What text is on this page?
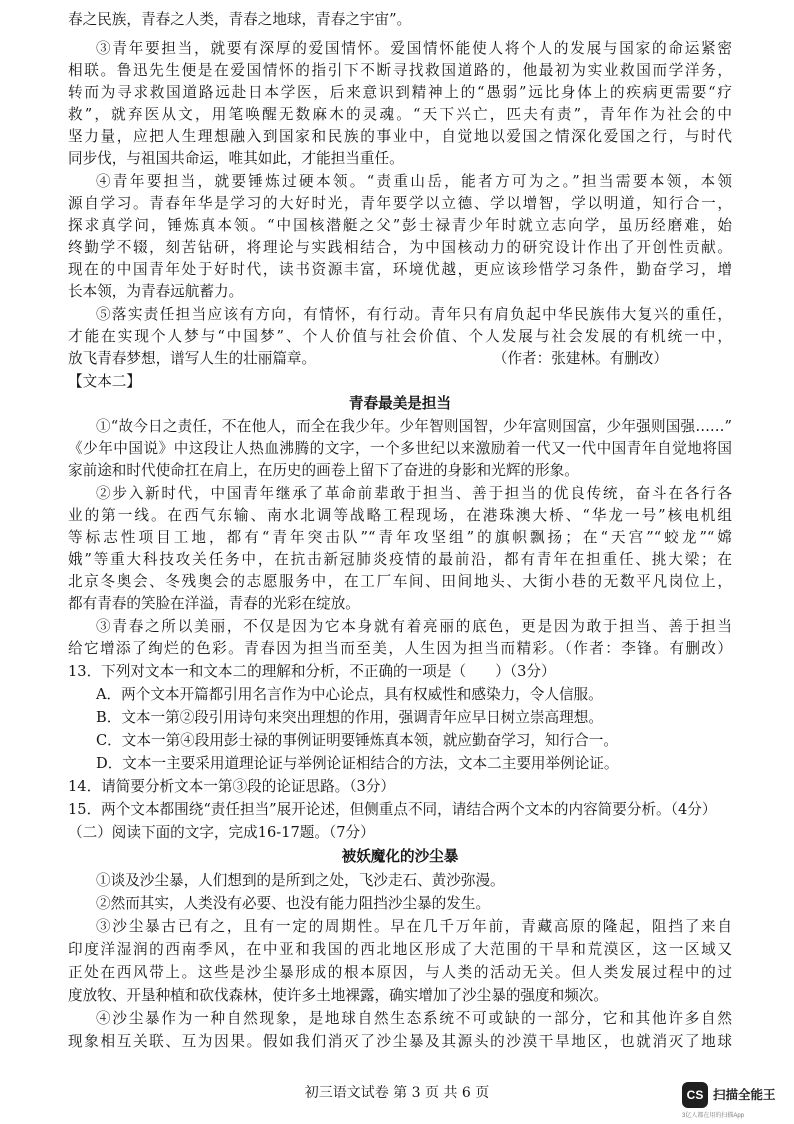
春之民族，青春之人类，青春之地球，青春之宇宙”。
③青年要担当，就要有深厚的爱国情怀。爱国情怀能使人将个人的发展与国家的命运紧密
相联。鲁迅先生便是在爱国情怀的指引下不断寻找救国道路的，他最初为实业救国而学洋务，
转而为寻求救国道路远赴日本学医，后来意识到精神上的“愚弱”远比身体上的疾病更需要“疗
救”，就弃医从文，用笔唤醒无数麻木的灵魂。“天下兴亡，匹夫有责”，青年作为社会的中
坚力量，应把人生理想融入到国家和民族的事业中，自觉地以爱国之情深化爱国之行，与时代
同步伐，与祖国共命运，唯其如此，才能担当重任。
④青年要担当，就要锤炼过硬本领。“责重山岳，能者方可为之。”担当需要本领，本领
源自学习。青春年华是学习的大好时光，青年要学以立德、学以增智，学以明道，知行合一，
探求真学问，锤炼真本领。“中国核潜艇之父”彭士禄青少年时就立志向学，虽历经磨难，始
终勤学不辍，刻苦钻研，将理论与实践相结合，为中国核动力的研究设计作出了开创性贡献。
现在的中国青年处于好时代，读书资源丰富，环境优越，更应该珍惜学习条件，勤奋学习，增
长本领，为青春远航蓄力。
⑤落实责任担当应该有方向，有情怀，有行动。青年只有肩负起中华民族伟大复兴的重任，
才能在实现个人梦与“中国梦”、个人价值与社会价值、个人发展与社会发展的有机统一中，
放飞青春梦想，谱写人生的壮丽篇章。	（作者：张建林。有删改）
【文本二】
青春最美是担当
①“故今日之责任，不在他人，而全在我少年。少年智则国智，少年富则国富，少年强则国强……”
《少年中国说》中这段让人热血沸腾的文字，一个多世纪以来激励着一代又一代中国青年自觉地将国
家前途和时代使命扛在肩上，在历史的画卷上留下了奋进的身影和光辉的形象。
②步入新时代，中国青年继承了革命前辈敢于担当、善于担当的优良传统，奋斗在各行各
业的第一线。在西气东输、南水北调等战略工程现场，在港珠澳大桥、“华龙一号”核电机组
等标志性项目工地，都有“青年突击队”“青年攻坚组”的旗帜飘扬；在“天宫”“蛟龙”“嫦
娥”等重大科技攻关任务中，在抗击新冠肺炎疫情的最前沿，都有青年在担重任、挑大梁；在
北京冬奥会、冬残奥会的志愿服务中，在工厂车间、田间地头、大街小巷的无数平凡岗位上，
都有青春的笑脸在洋溢，青春的光彩在绽放。
③青春之所以美丽，不仅是因为它本身就有着亮丽的底色，更是因为敢于担当、善于担当
给它增添了绚烂的色彩。青春因为担当而至美，人生因为担当而精彩。（作者：李锋。有删改）
13．下列对文本一和文本二的理解和分析，不正确的一项是（　　）（3分）
A．两个文本开篇都引用名言作为中心论点，具有权威性和感染力，令人信服。
B．文本一第②段引用诗句来突出理想的作用，强调青年应早日树立崇高理想。
C．文本一第④段用彭士禄的事例证明要锤炼真本领，就应勤奋学习，知行合一。
D．文本一主要采用道理论证与举例论证相结合的方法，文本二主要用举例论证。
14．请简要分析文本一第③段的论证思路。（3分）
15．两个文本都围绕“责任担当”展开论述，但侧重点不同，请结合两个文本的内容简要分析。（4分）
（二）阅读下面的文字，完成16-17题。（7分）
被妖魔化的沙尘暴
①谈及沙尘暴，人们想到的是所到之处，飞沙走石、黄沙弥漫。
②然而其实，人类没有必要、也没有能力阻挡沙尘暴的发生。
③沙尘暴古已有之，且有一定的周期性。早在几千万年前，青藏高原的隆起，阻挡了来自
印度洋湿润的西南季风，在中亚和我国的西北地区形成了大范围的干旱和荒漠区，这一区域又
正处在西风带上。这些是沙尘暴形成的根本原因，与人类的活动无关。但人类发展过程中的过
度放牧、开垦种植和砍伐森林，使许多土地裸露，确实增加了沙尘暴的强度和频次。
④沙尘暴作为一种自然现象，是地球自然生态系统不可或缺的一部分，它和其他许多自然
现象相互关联、互为因果。假如我们消灭了沙尘暴及其源头的沙漠干旱地区，也就消灭了地球
初三语文试卷 第 3 页 共 6 页	CS 扫描全能王
3亿人都在用的扫描App
